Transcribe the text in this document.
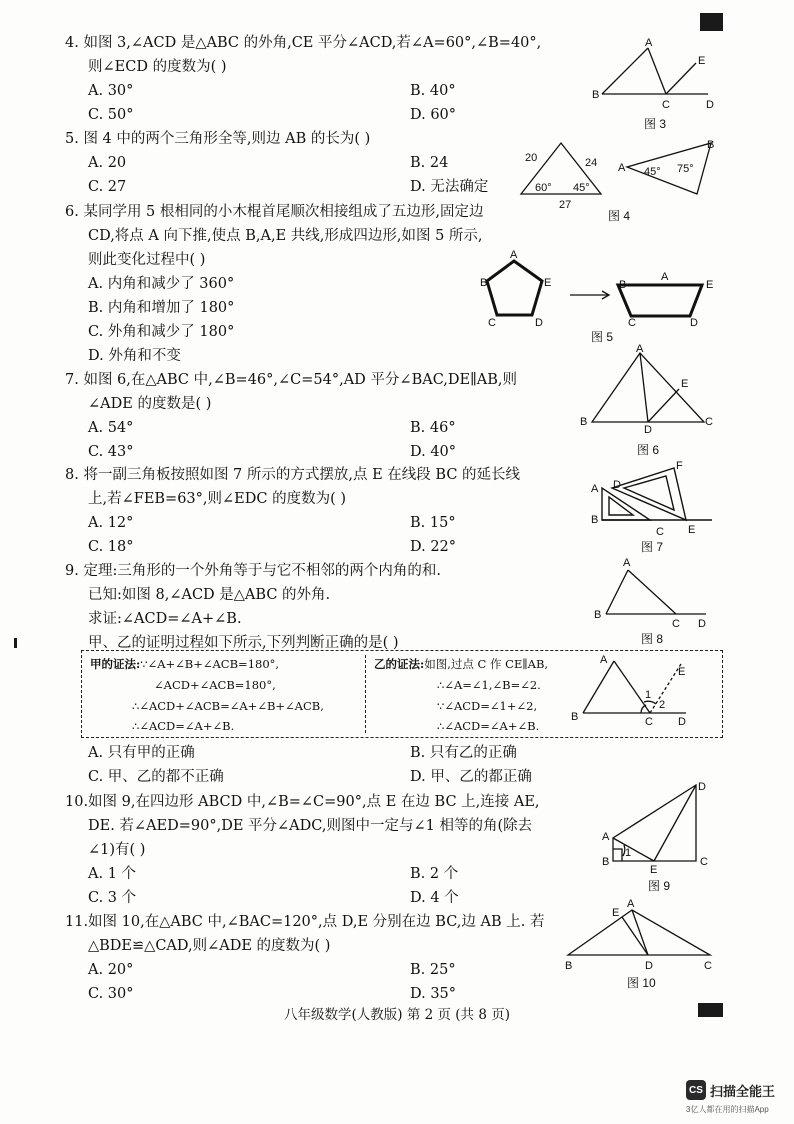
4. 如图 3,∠ACD 是△ABC 的外角,CE 平分∠ACD,若∠A=60°,∠B=40°,
则∠ECD 的度数为( )
A. 30°	B. 40°
C. 50°	D. 60°
5. 图 4 中的两个三角形全等,则边 AB 的长为( )
A. 20	B. 24
C. 27	D. 无法确定
6. 某同学用 5 根相同的小木棍首尾顺次相接组成了五边形,固定边
CD,将点 A 向下推,使点 B,A,E 共线,形成四边形,如图 5 所示,
则此变化过程中( )
A. 内角和减少了 360°
B. 内角和增加了 180°
C. 外角和减少了 180°
D. 外角和不变
7. 如图 6,在△ABC 中,∠B=46°,∠C=54°,AD 平分∠BAC,DE∥AB,则
∠ADE 的度数是( )
A. 54°	B. 46°
C. 43°	D. 40°
8. 将一副三角板按照如图 7 所示的方式摆放,点 E 在线段 BC 的延长线
上,若∠FEB=63°,则∠EDC 的度数为( )
A. 12°	B. 15°
C. 18°	D. 22°
9. 定理:三角形的一个外角等于与它不相邻的两个内角的和.
已知:如图 8,∠ACD 是△ABC 的外角.
求证:∠ACD=∠A+∠B.
甲、乙的证明过程如下所示,下列判断正确的是( )
甲的证法:∵∠A+∠B+∠ACB=180°,
∠ACD+∠ACB=180°,
∴∠ACD+∠ACB=∠A+∠B+∠ACB,
∴∠ACD=∠A+∠B.
乙的证法:如图,过点 C 作 CE∥AB,
∴∠A=∠1,∠B=∠2.
∵∠ACD=∠1+∠2,
∴∠ACD=∠A+∠B.
A. 只有甲的正确	B. 只有乙的正确
C. 甲、乙的都不正确	D. 甲、乙的都正确
10.如图 9,在四边形 ABCD 中,∠B=∠C=90°,点 E 在边 BC 上,连接 AE,
DE. 若∠AED=90°,DE 平分∠ADC,则图中一定与∠1 相等的角(除去
∠1)有( )
A. 1 个	B. 2 个
C. 3 个	D. 4 个
11.如图 10,在△ABC 中,∠BAC=120°,点 D,E 分别在边 BC,边 AB 上. 若
△BDE≌△CAD,则∠ADE 的度数为( )
A. 20°	B. 25°
C. 30°	D. 35°
A
B
C	D
E
图 3
20	24
27
60° 45°
A
B
45° 75°
图 4
A
B
C	D
E	B
A
E
C	D
图 5
A
B	C
D
E
图 6
A
B
C
D
E
F
图 7
A
B
C D
图 8
A
B	C D
E
1
2
A
B	C
D
E
1
图 9
A
B	C
D
E
图 10
八年级数学(人教版) 第 2 页 (共 8 页)
CS 扫描全能王
3亿人都在用的扫描App
